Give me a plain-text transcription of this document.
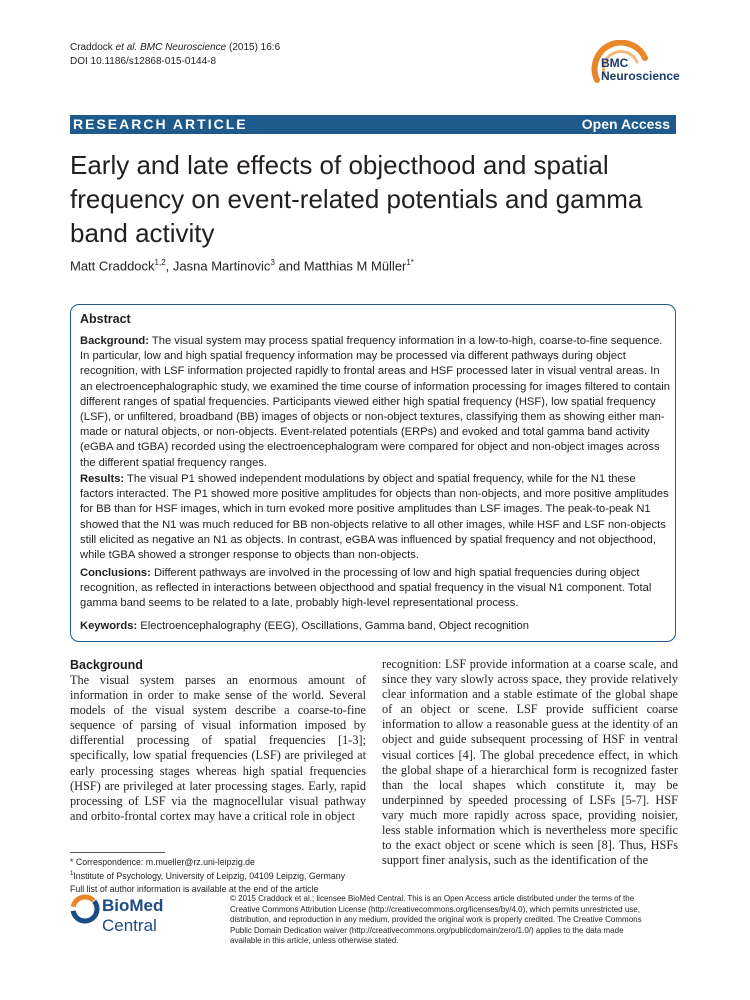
Craddock et al. BMC Neuroscience (2015) 16:6
DOI 10.1186/s12868-015-0144-8	BMC
Neuroscience
RESEARCH ARTICLE	Open Access
Early and late effects of objecthood and spatial frequency on event-related potentials and gamma band activity
Matt Craddock$^{1,2}$, Jasna Martinovic$^3$ and Matthias M Müller$^{1*}$
Abstract
Background: The visual system may process spatial frequency information in a low-to-high, coarse-to-fine sequence. In particular, low and high spatial frequency information may be processed via different pathways during object recognition, with LSF information projected rapidly to frontal areas and HSF processed later in visual ventral areas. In an electroencephalographic study, we examined the time course of information processing for images filtered to contain different ranges of spatial frequencies. Participants viewed either high spatial frequency (HSF), low spatial frequency (LSF), or unfiltered, broadband (BB) images of objects or non-object textures, classifying them as showing either man-made or natural objects, or non-objects. Event-related potentials (ERPs) and evoked and total gamma band activity (eGBA and tGBA) recorded using the electroencephalogram were compared for object and non-object images across the different spatial frequency ranges.
Results: The visual P1 showed independent modulations by object and spatial frequency, while for the N1 these factors interacted. The P1 showed more positive amplitudes for objects than non-objects, and more positive amplitudes for BB than for HSF images, which in turn evoked more positive amplitudes than LSF images. The peak-to-peak N1 showed that the N1 was much reduced for BB non-objects relative to all other images, while HSF and LSF non-objects still elicited as negative an N1 as objects. In contrast, eGBA was influenced by spatial frequency and not objecthood, while tGBA showed a stronger response to objects than non-objects.
Conclusions: Different pathways are involved in the processing of low and high spatial frequencies during object recognition, as reflected in interactions between objecthood and spatial frequency in the visual N1 component. Total gamma band seems to be related to a late, probably high-level representational process.
Keywords: Electroencephalography (EEG), Oscillations, Gamma band, Object recognition
Background
The visual system parses an enormous amount of information in order to make sense of the world. Several models of the visual system describe a coarse-to-fine sequence of parsing of visual information imposed by differential processing of spatial frequencies [1-3]; specifically, low spatial frequencies (LSF) are privileged at early processing stages whereas high spatial frequencies (HSF) are privileged at later processing stages. Early, rapid processing of LSF via the magnocellular visual pathway and orbito-frontal cortex may have a critical role in object
recognition: LSF provide information at a coarse scale, and since they vary slowly across space, they provide relatively clear information and a stable estimate of the global shape of an object or scene. LSF provide sufficient coarse information to allow a reasonable guess at the identity of an object and guide subsequent processing of HSF in ventral visual cortices [4]. The global precedence effect, in which the global shape of a hierarchical form is recognized faster than the local shapes which constitute it, may be underpinned by speeded processing of LSFs [5-7]. HSF vary much more rapidly across space, providing noisier, less stable information which is nevertheless more specific to the exact object or scene which is seen [8]. Thus, HSFs support finer analysis, such as the identification of the
* Correspondence: m.mueller@rz.uni-leipzig.de
$^1$Institute of Psychology, University of Leipzig, 04109 Leipzig, Germany
Full list of author information is available at the end of the article
BioMed Central
© 2015 Craddock et al.; licensee BioMed Central. This is an Open Access article distributed under the terms of the Creative Commons Attribution License (http://creativecommons.org/licenses/by/4.0), which permits unrestricted use, distribution, and reproduction in any medium, provided the original work is properly credited. The Creative Commons Public Domain Dedication waiver (http://creativecommons.org/publicdomain/zero/1.0/) applies to the data made available in this article, unless otherwise stated.
